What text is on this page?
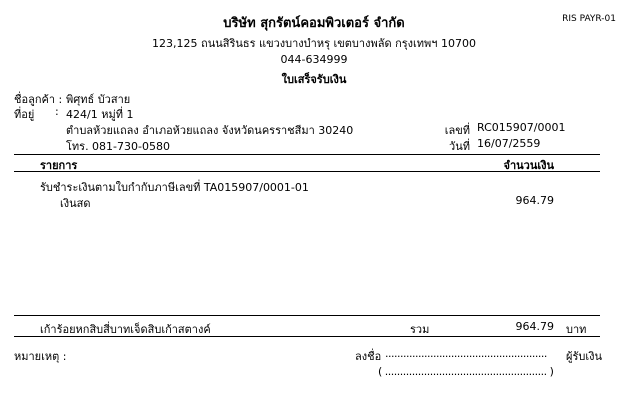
บริษัท สุกรัตน์คอมพิวเตอร์ จำกัด	RIS PAYR-01
123,125 ถนนสิรินธร แขวงบางบำหรุ เขตบางพลัด กรุงเทพฯ 10700
044-634999
ใบเสร็จรับเงิน
ชื่อลูกค้า : พิศุทธ์ บัวสาย
ที่อยู่ : 424/1 หมู่ที่ 1
ตำบลห้วยแถลง อำเภอห้วยแถลง จังหวัดนครราชสีมา 30240
โทร. 081-730-0580
เลขที่ RC015907/0001
วันที่ 16/07/2559
รายการ	จำนวนเงิน
รับชำระเงินตามใบกำกับภาษีเลขที่ TA015907/0001-01
เงินสด	964.79
เก้าร้อยหกสิบสี่บาทเจ็ดสิบเก้าสตางค์	รวม	964.79 บาท
หมายเหตุ :	ลงชื่อ ...................................................... ผู้รับเงิน
( ...................................................... )
